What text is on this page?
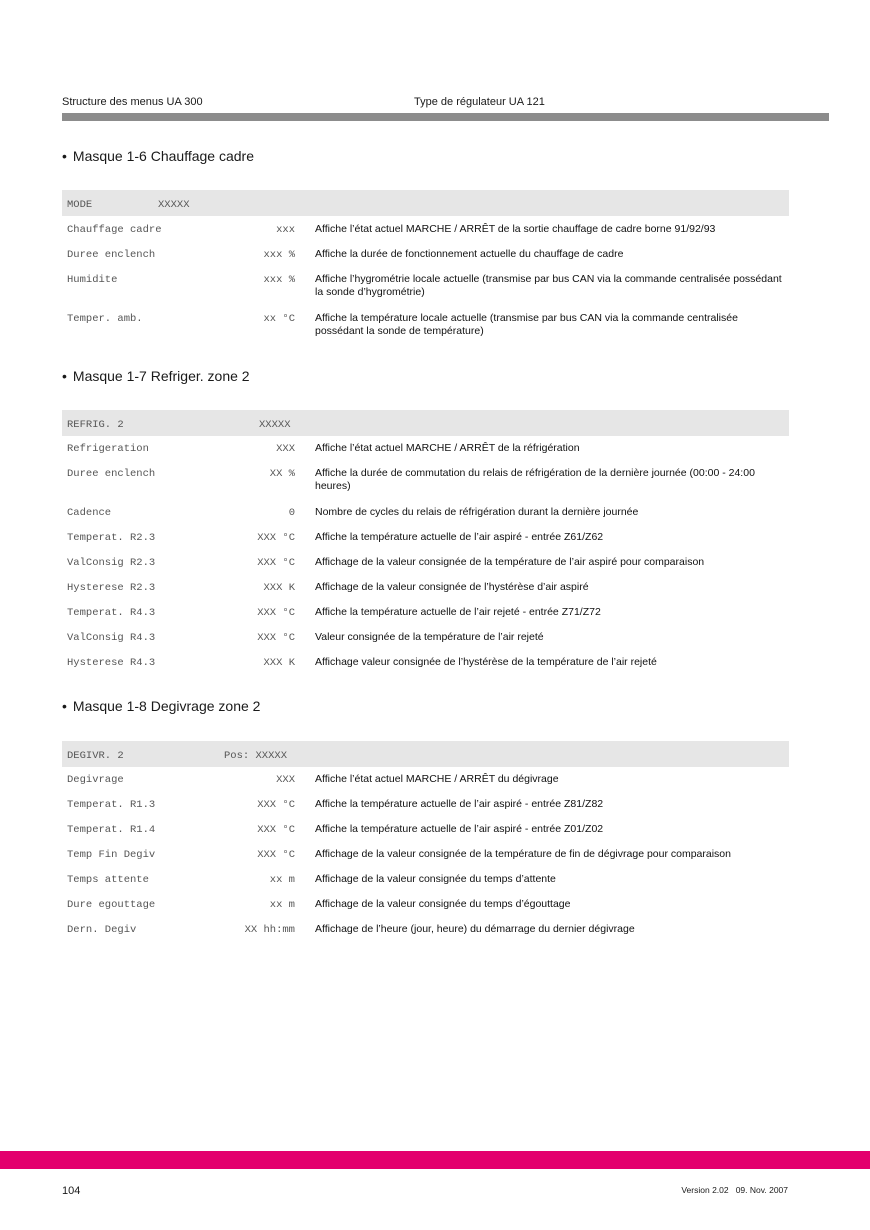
Structure des menus UA 300	Type de régulateur UA 121
• Masque 1-6 Chauffage cadre
MODE	XXXXX
Chauffage cadre	xxx Affiche l’état actuel MARCHE / ARRÊT de la sortie chauffage de cadre borne 91/92/93
Duree enclench	xxx % Affiche la durée de fonctionnement actuelle du chauffage de cadre
Humidite	xxx % Affiche l’hygrométrie locale actuelle (transmise par bus CAN via la commande centralisée possédant la sonde d’hygrométrie)
Temper. amb.	xx °C Affiche la température locale actuelle (transmise par bus CAN via la commande centralisée possédant la sonde de température)
• Masque 1-7 Refriger. zone 2
REFRIG. 2	XXXXX
Refrigeration	XXX Affiche l’état actuel MARCHE / ARRÊT de la réfrigération
Duree enclench	XX % Affiche la durée de commutation du relais de réfrigération de la dernière journée (00:00 - 24:00 heures)
Cadence	0 Nombre de cycles du relais de réfrigération durant la dernière journée
Temperat. R2.3	XXX °C Affiche la température actuelle de l’air aspiré - entrée Z61/Z62
ValConsig R2.3	XXX °C Affichage de la valeur consignée de la température de l’air aspiré pour comparaison
Hysterese R2.3	XXX K Affichage de la valeur consignée de l’hystérèse d’air aspiré
Temperat. R4.3	XXX °C Affiche la température actuelle de l’air rejeté - entrée Z71/Z72
ValConsig R4.3	XXX °C Valeur consignée de la température de l’air rejeté
Hysterese R4.3	XXX K Affichage valeur consignée de l’hystérèse de la température de l’air rejeté
• Masque 1-8 Degivrage zone 2
DEGIVR. 2	Pos: XXXXX
Degivrage	XXX Affiche l’état actuel MARCHE / ARRÊT du dégivrage
Temperat. R1.3	XXX °C Affiche la température actuelle de l’air aspiré - entrée Z81/Z82
Temperat. R1.4	XXX °C Affiche la température actuelle de l’air aspiré - entrée Z01/Z02
Temp Fin Degiv	XXX °C Affichage de la valeur consignée de la température de fin de dégivrage pour comparaison
Temps attente	xx m Affichage de la valeur consignée du temps d’attente
Dure egouttage	xx m Affichage de la valeur consignée du temps d’égouttage
Dern. Degiv	XX hh:mm Affichage de l’heure (jour, heure) du démarrage du dernier dégivrage
104	Version 2.02   09. Nov. 2007
